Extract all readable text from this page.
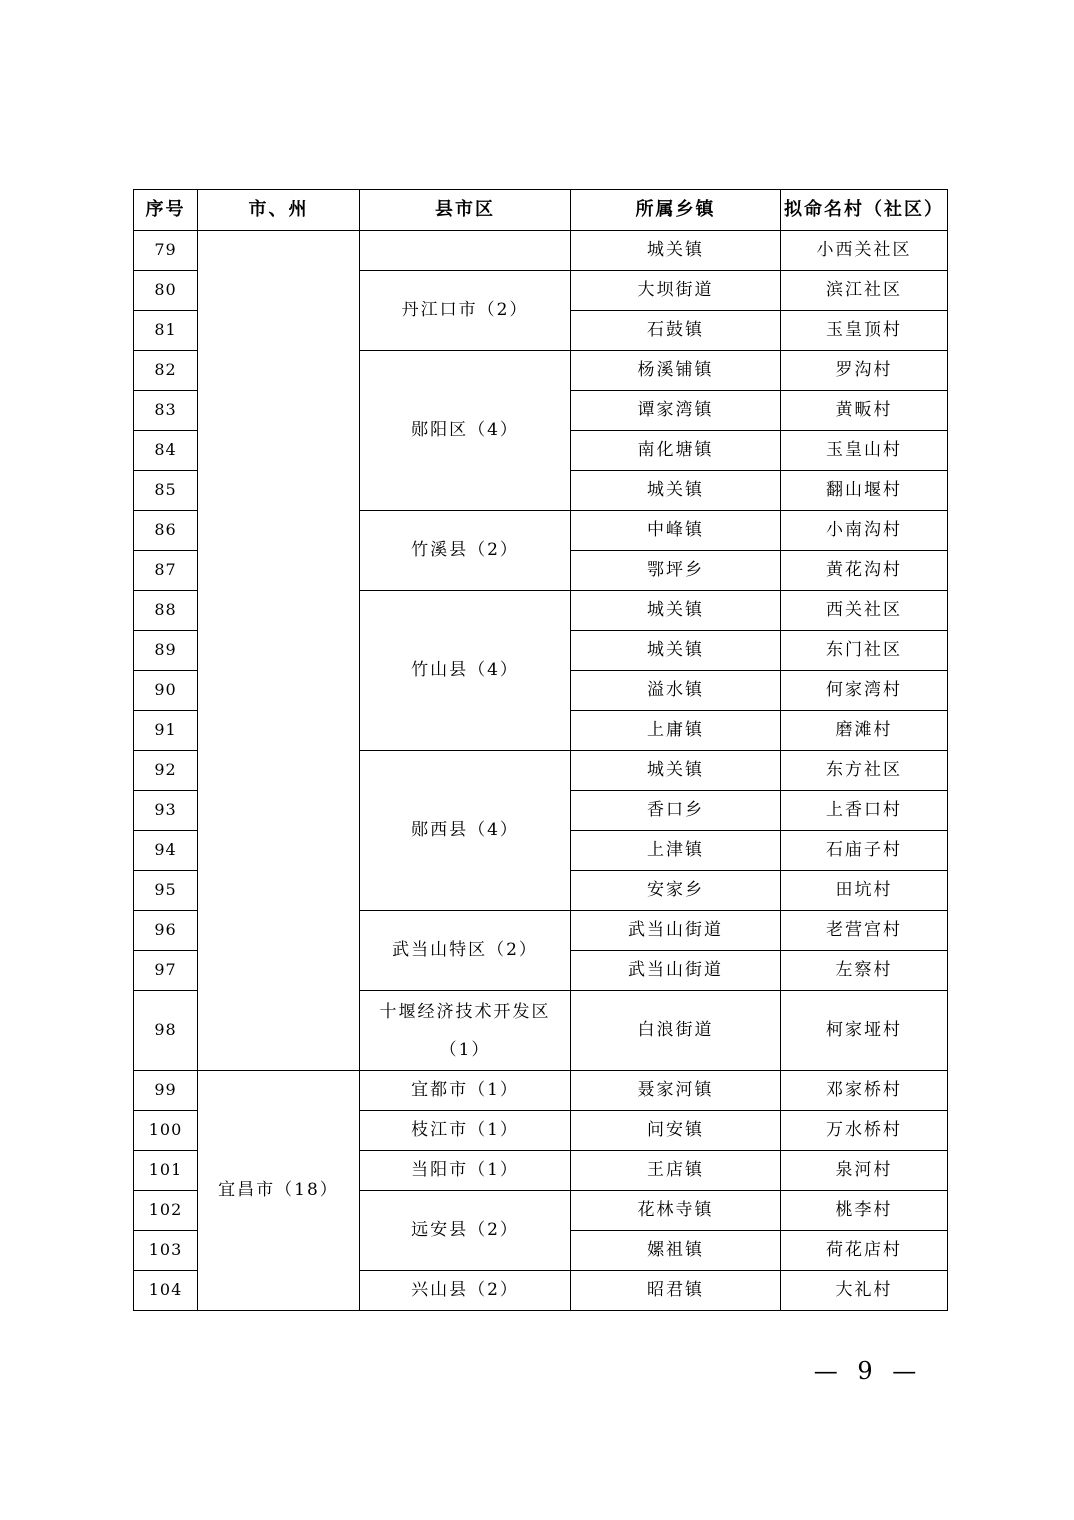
序号	市、州	县市区	所属乡镇	拟命名村（社区）
79			城关镇	小西关社区
80		丹江口市（2）	大坝街道	滨江社区
81			石鼓镇	玉皇顶村
82		郧阳区（4）	杨溪铺镇	罗沟村
83			谭家湾镇	黄畈村
84			南化塘镇	玉皇山村
85			城关镇	翻山堰村
86		竹溪县（2）	中峰镇	小南沟村
87			鄂坪乡	黄花沟村
88		竹山县（4）	城关镇	西关社区
89			城关镇	东门社区
90			溢水镇	何家湾村
91			上庸镇	磨滩村
92		郧西县（4）	城关镇	东方社区
93			香口乡	上香口村
94			上津镇	石庙子村
95			安家乡	田坑村
96		武当山特区（2）	武当山街道	老营宫村
97			武当山街道	左察村
98		十堰经济技术开发区（1）	白浪街道	柯家垭村
99	宜昌市（18）	宜都市（1）	聂家河镇	邓家桥村
100		枝江市（1）	问安镇	万水桥村
101		当阳市（1）	王店镇	泉河村
102		远安县（2）	花林寺镇	桃李村
103			嫘祖镇	荷花店村
104		兴山县（2）	昭君镇	大礼村
— 9 —
